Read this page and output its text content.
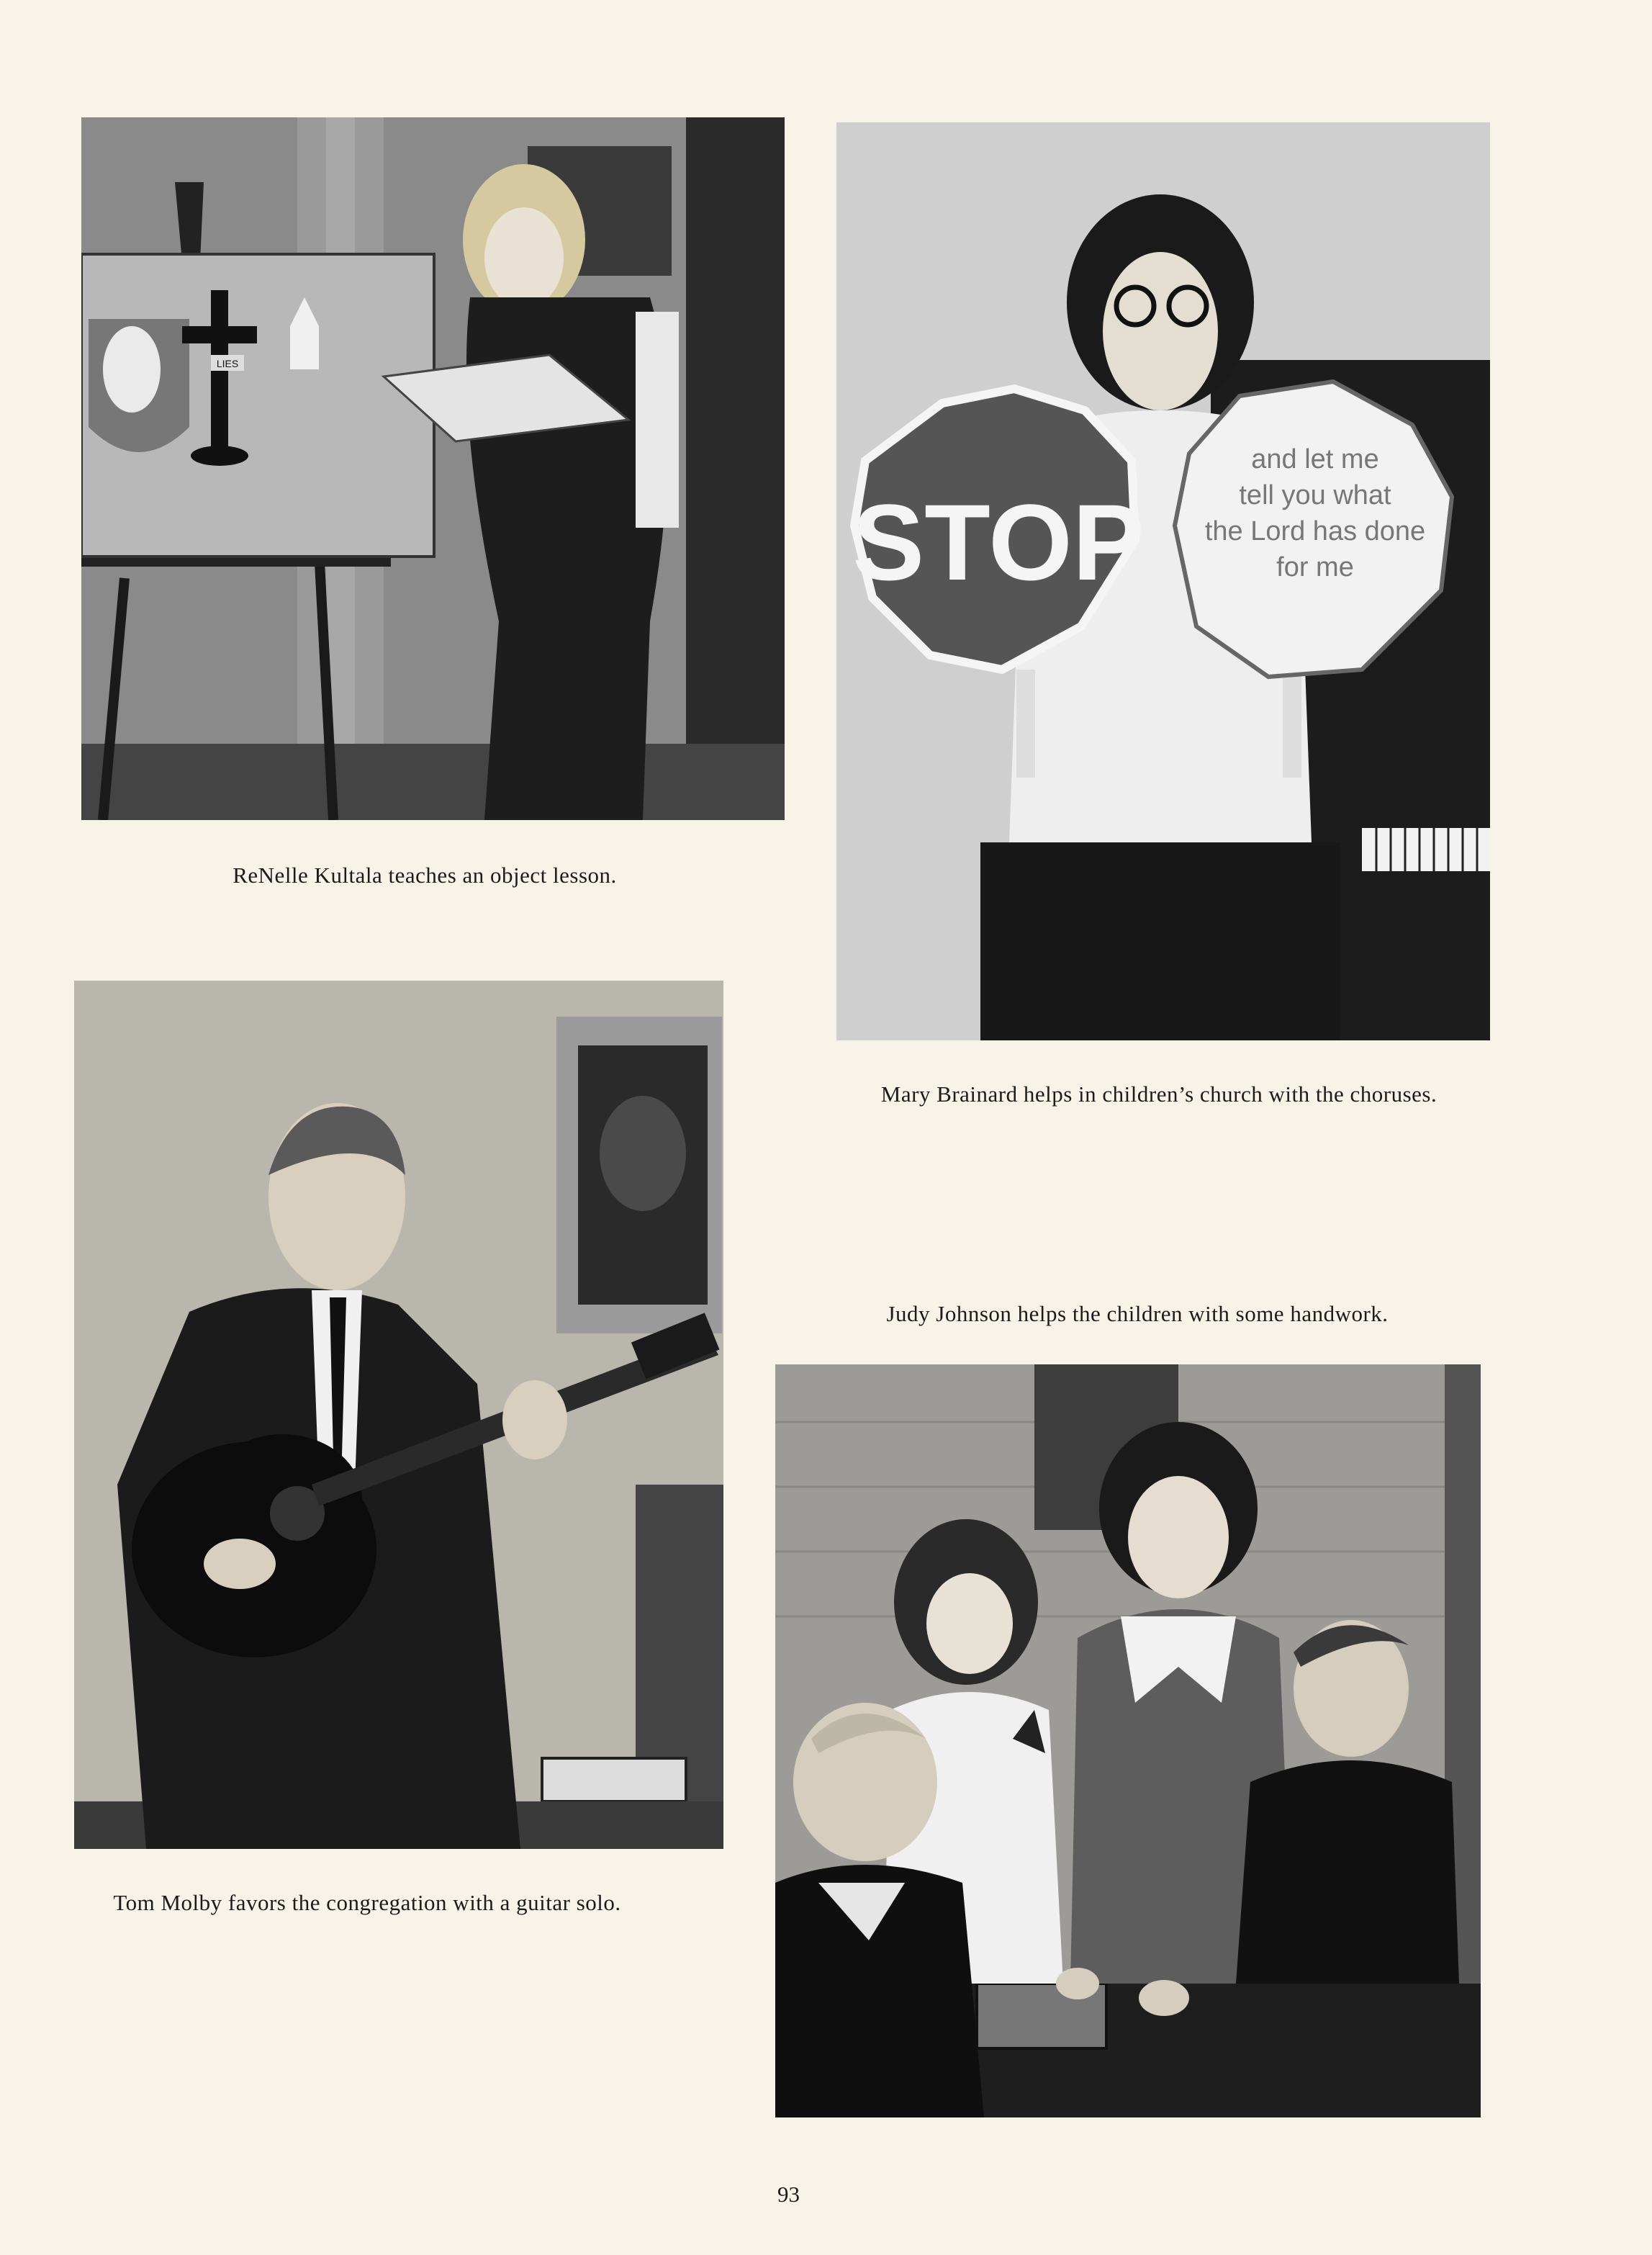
LIES
ReNelle Kultala teaches an object lesson.
STOP
and let me
tell you what
the Lord has done
for me
Mary Brainard helps in children’s church with the choruses.
Tom Molby favors the congregation with a guitar solo.
Judy Johnson helps the children with some handwork.
93
